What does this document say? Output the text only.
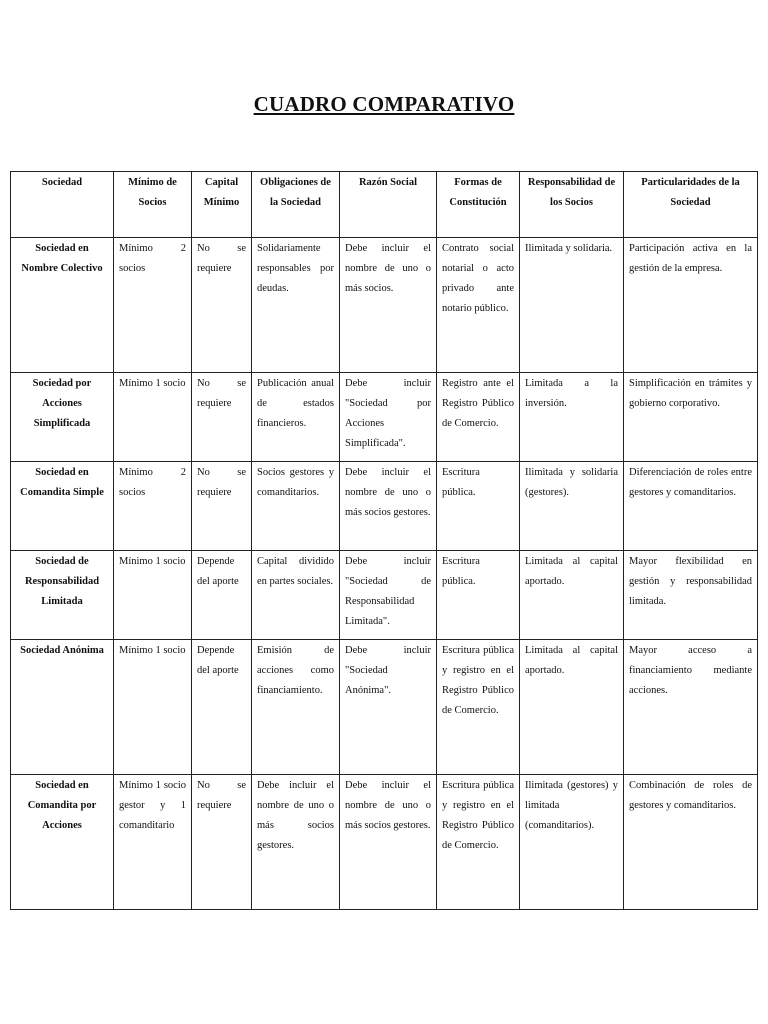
CUADRO COMPARATIVO
Sociedad	Mínimo de Socios	Capital Mínimo	Obligaciones de la Sociedad	Razón Social	Formas de Constitución	Responsabilidad de los Socios	Particularidades de la Sociedad
Sociedad en Nombre Colectivo	Mínimo 2 socios	No se requiere	Solidariamente responsables por deudas.	Debe incluir el nombre de uno o más socios.	Contrato social notarial o acto privado ante notario público.	Ilimitada y solidaria.	Participación activa en la gestión de la empresa.
Sociedad por Acciones Simplificada	Mínimo 1 socio	No se requiere	Publicación anual de estados financieros.	Debe incluir "Sociedad por Acciones Simplificada".	Registro ante el Registro Público de Comercio.	Limitada a la inversión.	Simplificación en trámites y gobierno corporativo.
Sociedad en Comandita Simple	Mínimo 2 socios	No se requiere	Socios gestores y comanditarios.	Debe incluir el nombre de uno o más socios gestores.	Escritura pública.	Ilimitada y solidaria (gestores).	Diferenciación de roles entre gestores y comanditarios.
Sociedad de Responsabilidad Limitada	Mínimo 1 socio	Depende del aporte	Capital dividido en partes sociales.	Debe incluir "Sociedad de Responsabilidad Limitada".	Escritura pública.	Limitada al capital aportado.	Mayor flexibilidad en gestión y responsabilidad limitada.
Sociedad Anónima	Mínimo 1 socio	Depende del aporte	Emisión de acciones como financiamiento.	Debe incluir "Sociedad Anónima".	Escritura pública y registro en el Registro Público de Comercio.	Limitada al capital aportado.	Mayor acceso a financiamiento mediante acciones.
Sociedad en Comandita por Acciones	Mínimo 1 socio gestor y 1 comanditario	No se requiere	Debe incluir el nombre de uno o más socios gestores.	Debe incluir el nombre de uno o más socios gestores.	Escritura pública y registro en el Registro Público de Comercio.	Ilimitada (gestores) y limitada (comanditarios).	Combinación de roles de gestores y comanditarios.
